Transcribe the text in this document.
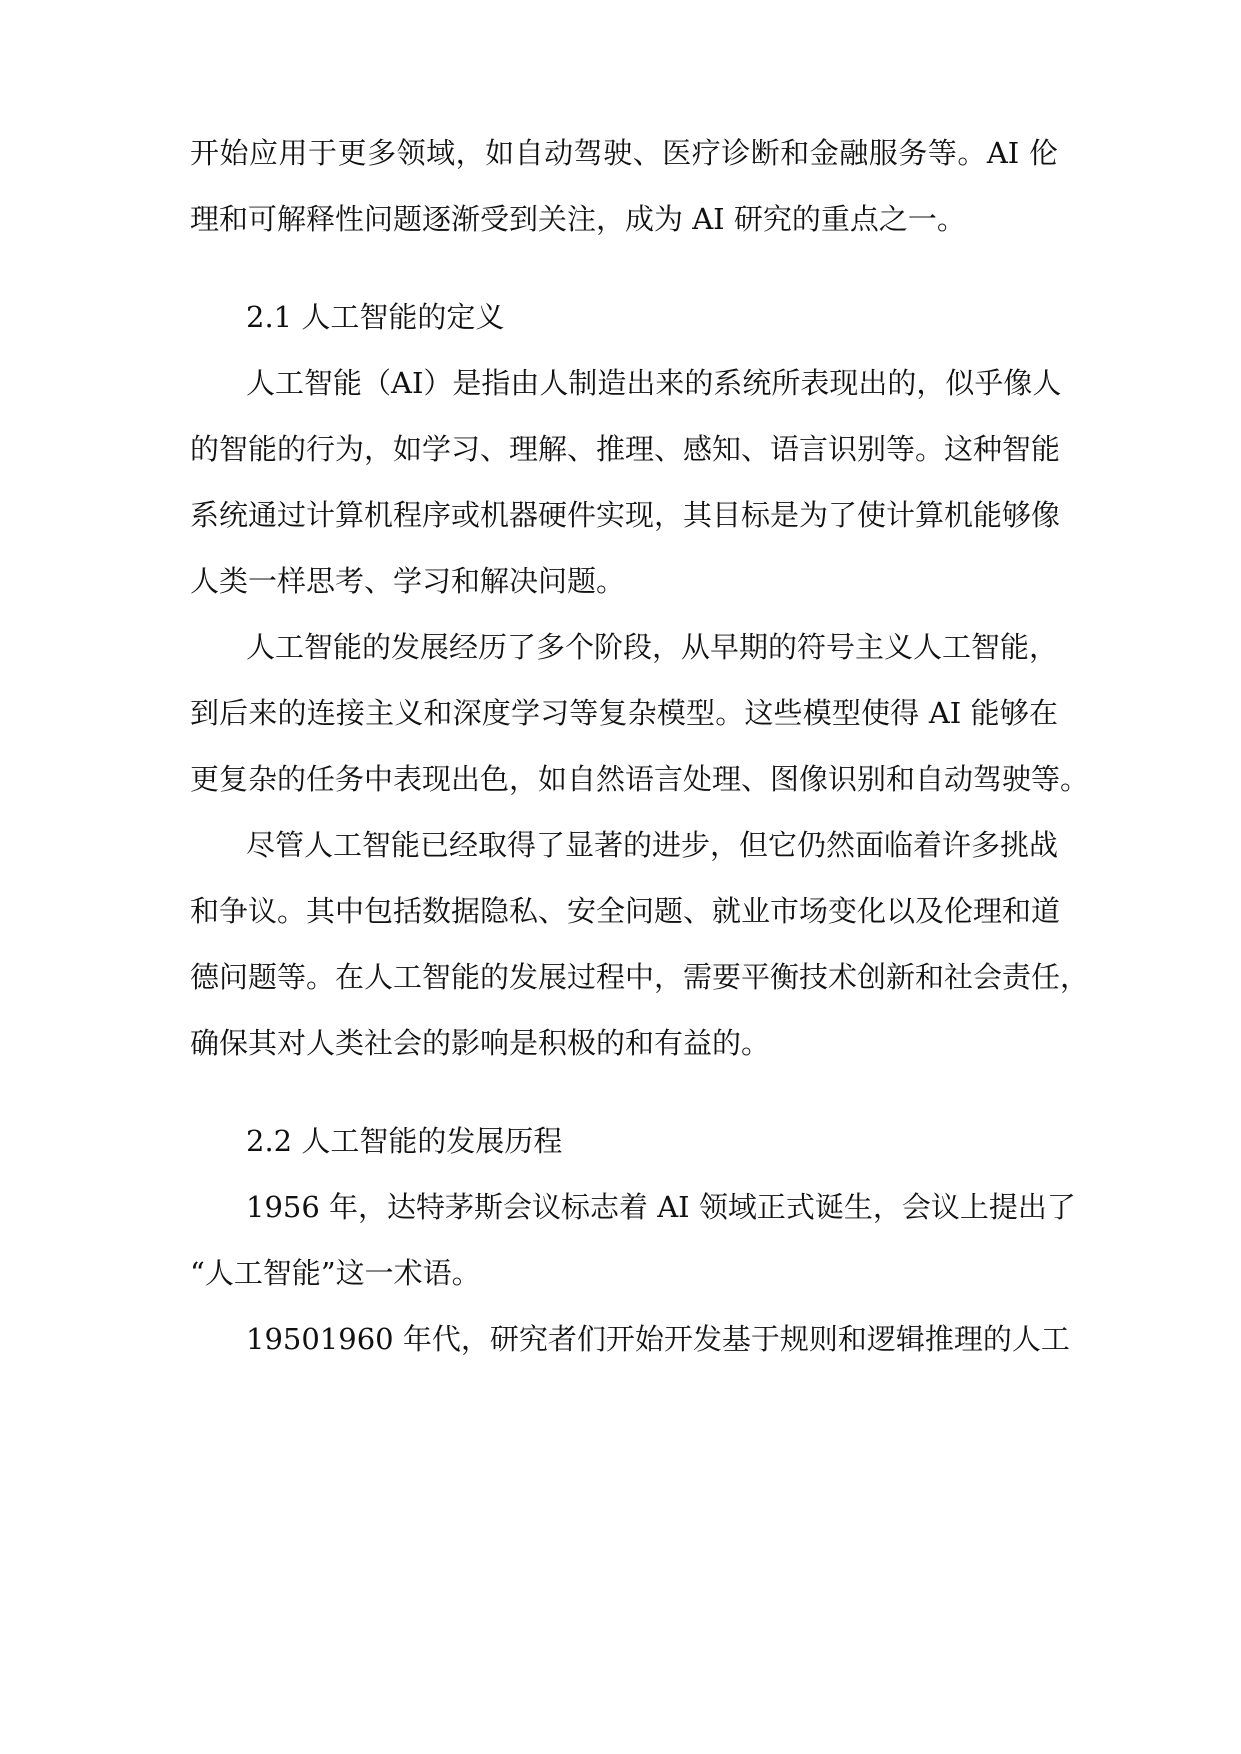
开始应用于更多领域，如自动驾驶、医疗诊断和金融服务等。AI 伦
理和可解释性问题逐渐受到关注，成为 AI 研究的重点之一。
2.1 人工智能的定义
人工智能（AI）是指由人制造出来的系统所表现出的，似乎像人
的智能的行为，如学习、理解、推理、感知、语言识别等。这种智能
系统通过计算机程序或机器硬件实现，其目标是为了使计算机能够像
人类一样思考、学习和解决问题。
人工智能的发展经历了多个阶段，从早期的符号主义人工智能，
到后来的连接主义和深度学习等复杂模型。这些模型使得 AI 能够在
更复杂的任务中表现出色，如自然语言处理、图像识别和自动驾驶等。
尽管人工智能已经取得了显著的进步，但它仍然面临着许多挑战
和争议。其中包括数据隐私、安全问题、就业市场变化以及伦理和道
德问题等。在人工智能的发展过程中，需要平衡技术创新和社会责任，
确保其对人类社会的影响是积极的和有益的。
2.2 人工智能的发展历程
1956 年，达特茅斯会议标志着 AI 领域正式诞生，会议上提出了
“人工智能”这一术语。
19501960 年代，研究者们开始开发基于规则和逻辑推理的人工
